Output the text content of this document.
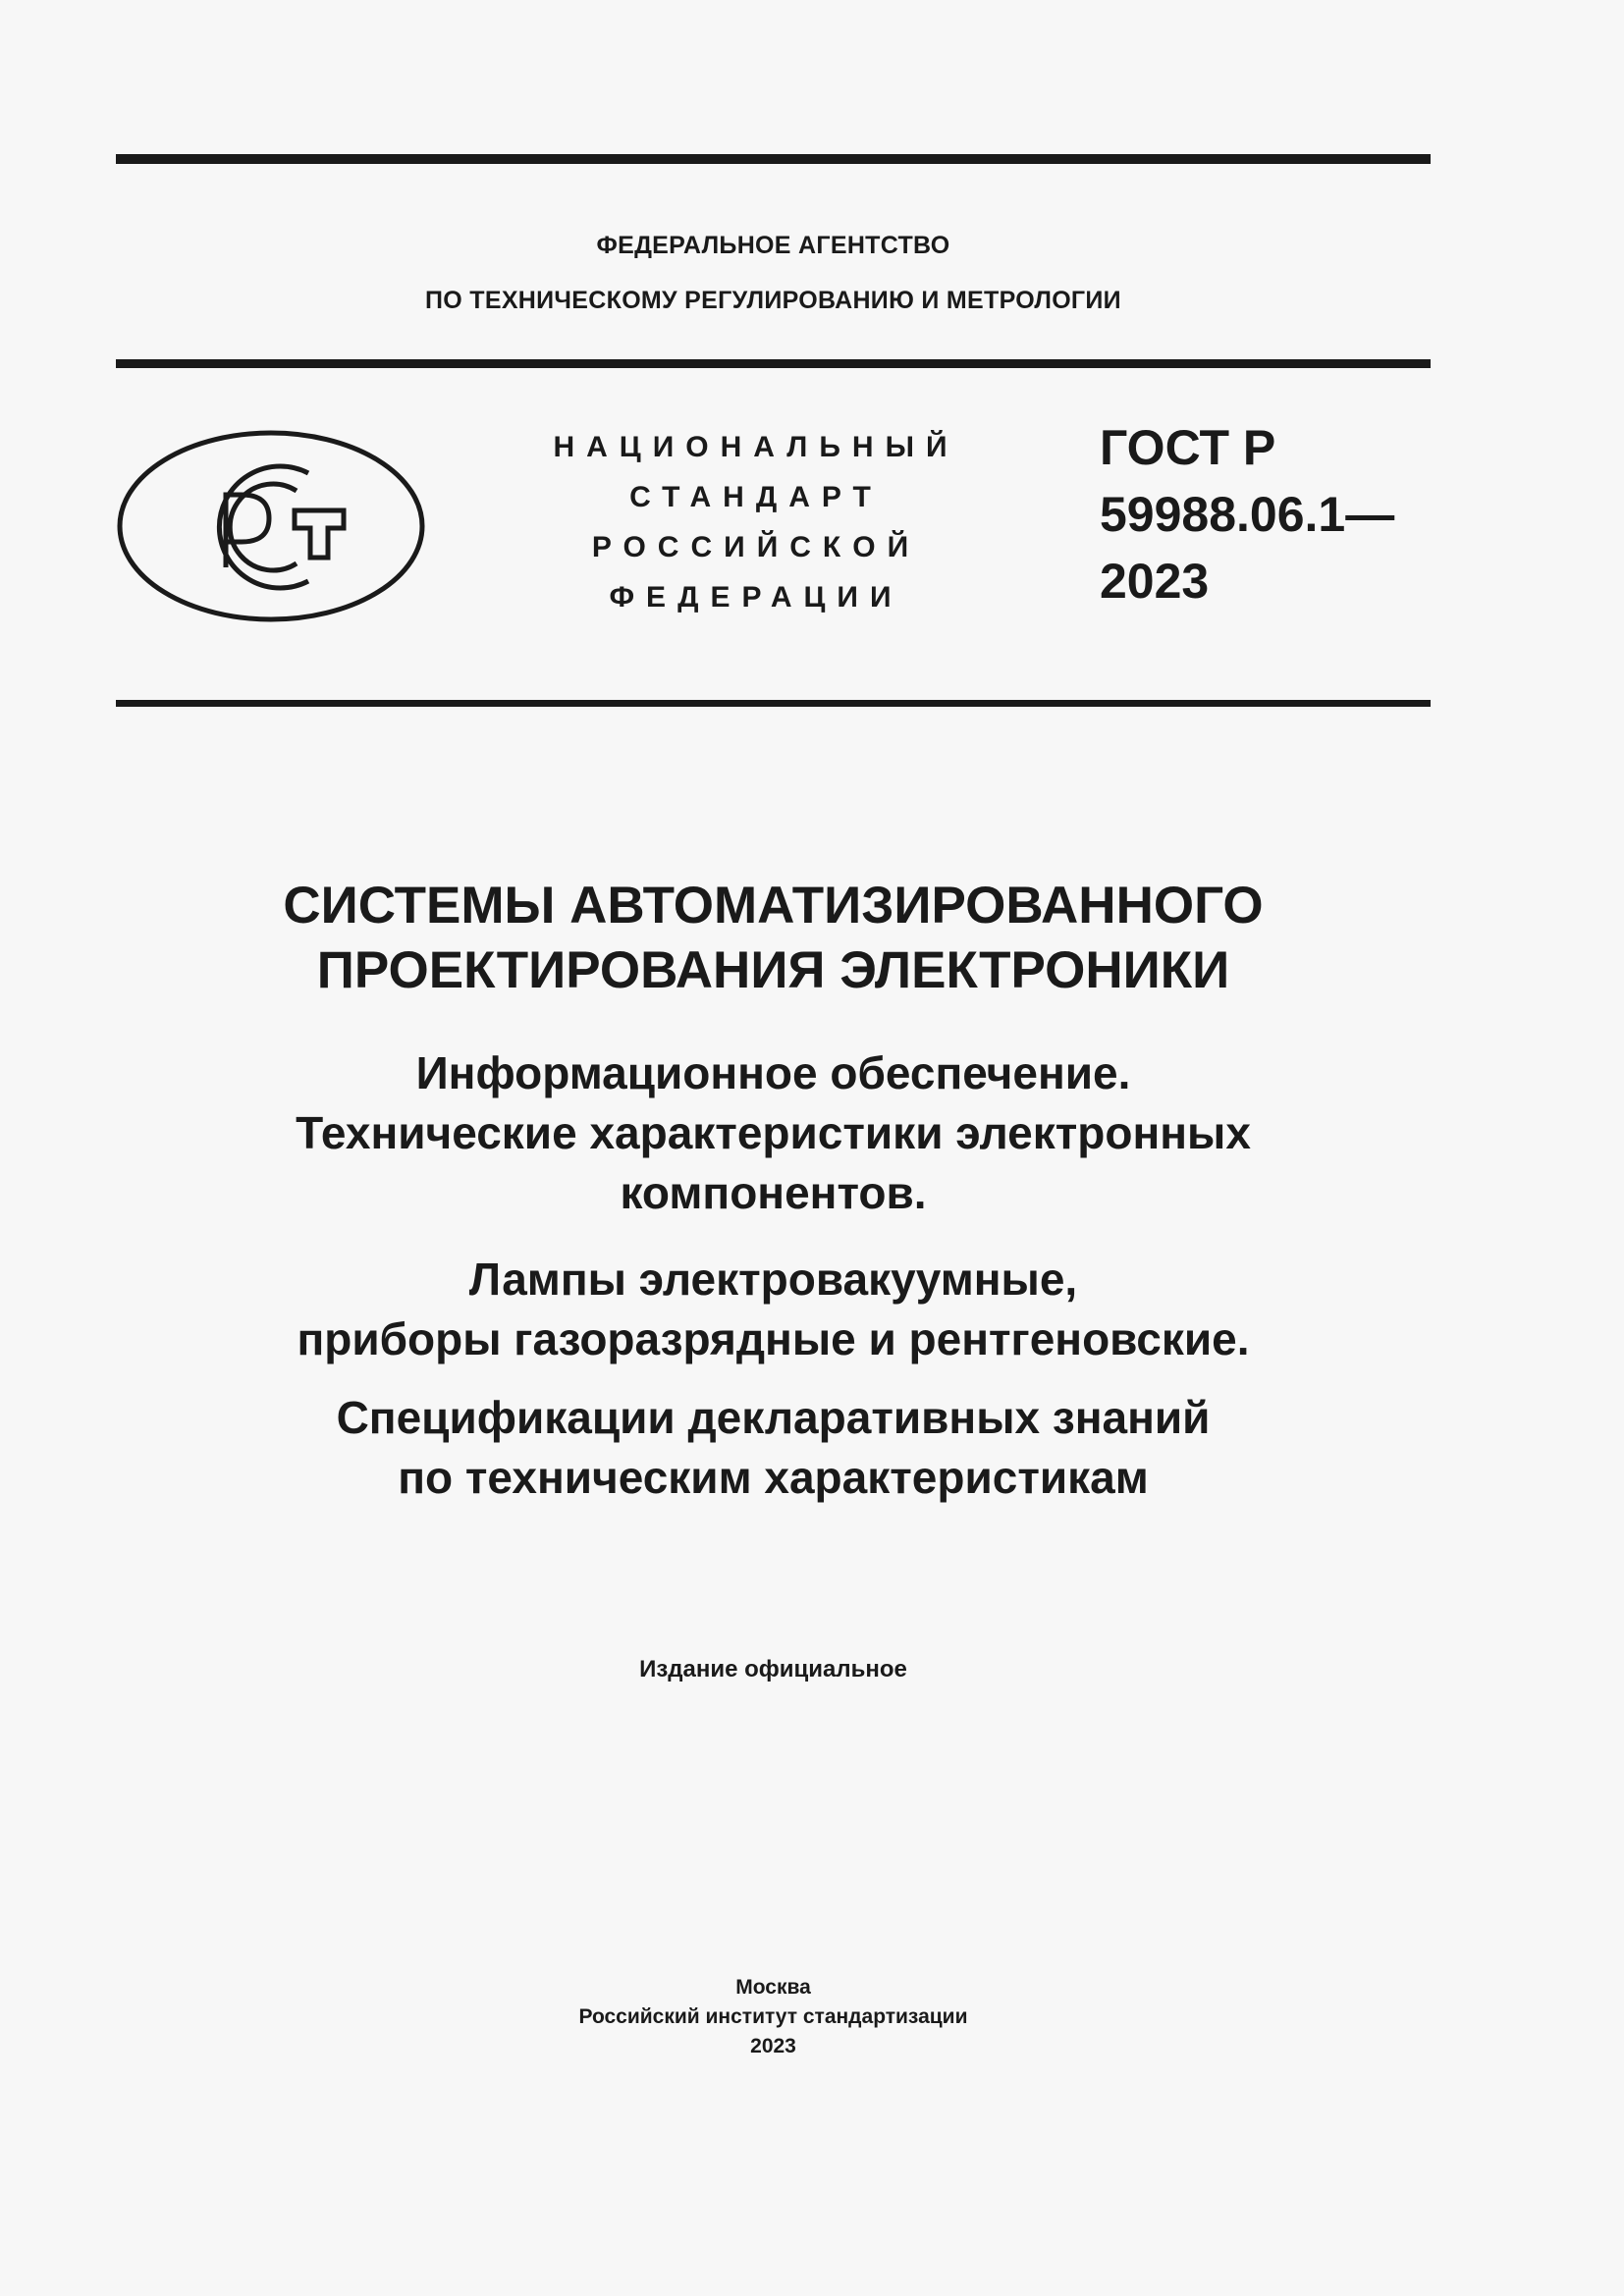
ФЕДЕРАЛЬНОЕ АГЕНТСТВО
ПО ТЕХНИЧЕСКОМУ РЕГУЛИРОВАНИЮ И МЕТРОЛОГИИ
НАЦИОНАЛЬНЫЙ
СТАНДАРТ
РОССИЙСКОЙ
ФЕДЕРАЦИИ
ГОСТ Р
59988.06.1—
2023
СИСТЕМЫ АВТОМАТИЗИРОВАННОГО
ПРОЕКТИРОВАНИЯ ЭЛЕКТРОНИКИ
Информационное обеспечение.
Технические характеристики электронных
компонентов.
Лампы электровакуумные,
приборы газоразрядные и рентгеновские.
Спецификации декларативных знаний
по техническим характеристикам
Издание официальное
Москва
Российский институт стандартизации
2023
